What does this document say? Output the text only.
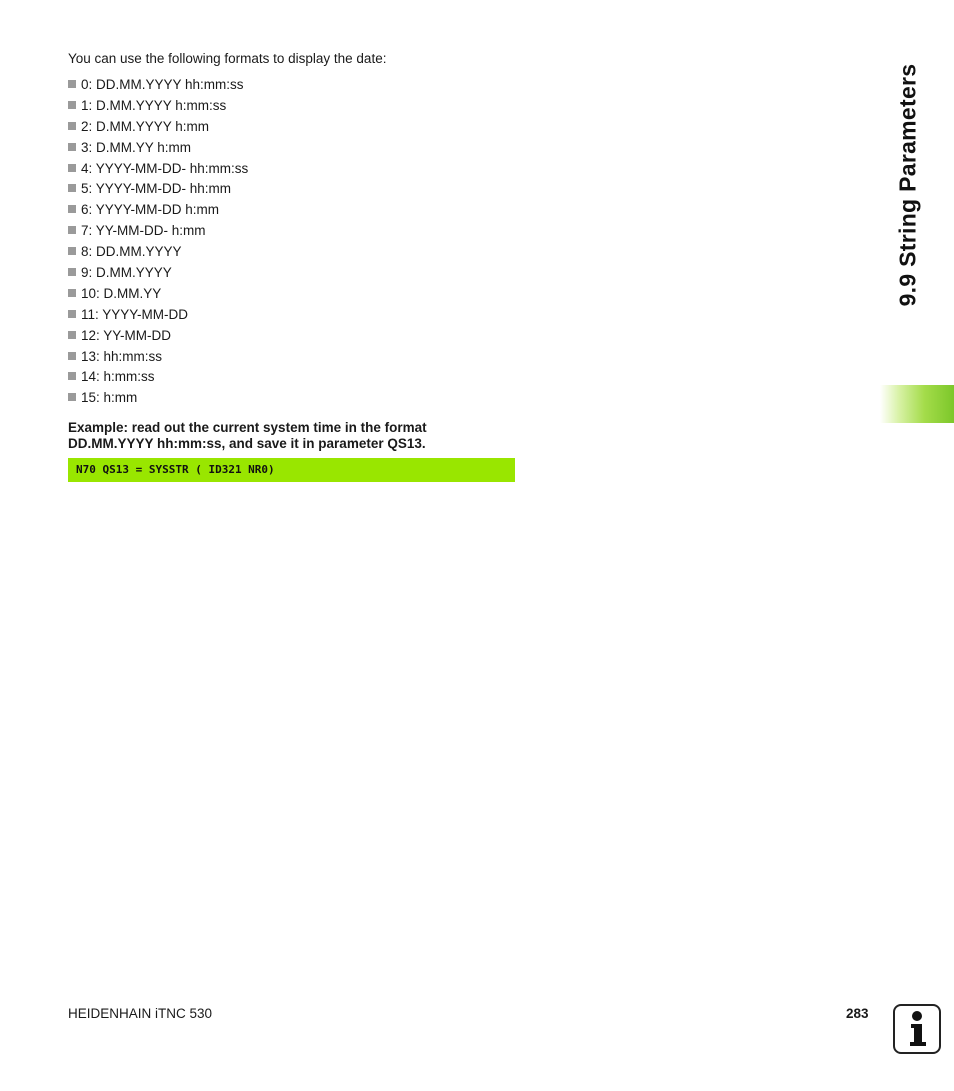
You can use the following formats to display the date:

0: DD.MM.YYYY hh:mm:ss
1: D.MM.YYYY h:mm:ss
2: D.MM.YYYY h:mm
3: D.MM.YY h:mm
4: YYYY-MM-DD- hh:mm:ss
5: YYYY-MM-DD- hh:mm
6: YYYY-MM-DD h:mm
7: YY-MM-DD- h:mm
8: DD.MM.YYYY
9: D.MM.YYYY
10: D.MM.YY
11: YYYY-MM-DD
12: YY-MM-DD
13: hh:mm:ss
14: h:mm:ss
15: h:mm

Example: read out the current system time in the format
DD.MM.YYYY hh:mm:ss, and save it in parameter QS13.

N70 QS13 = SYSSTR ( ID321 NR0)
9.9 String Parameters
HEIDENHAIN iTNC 530	283
